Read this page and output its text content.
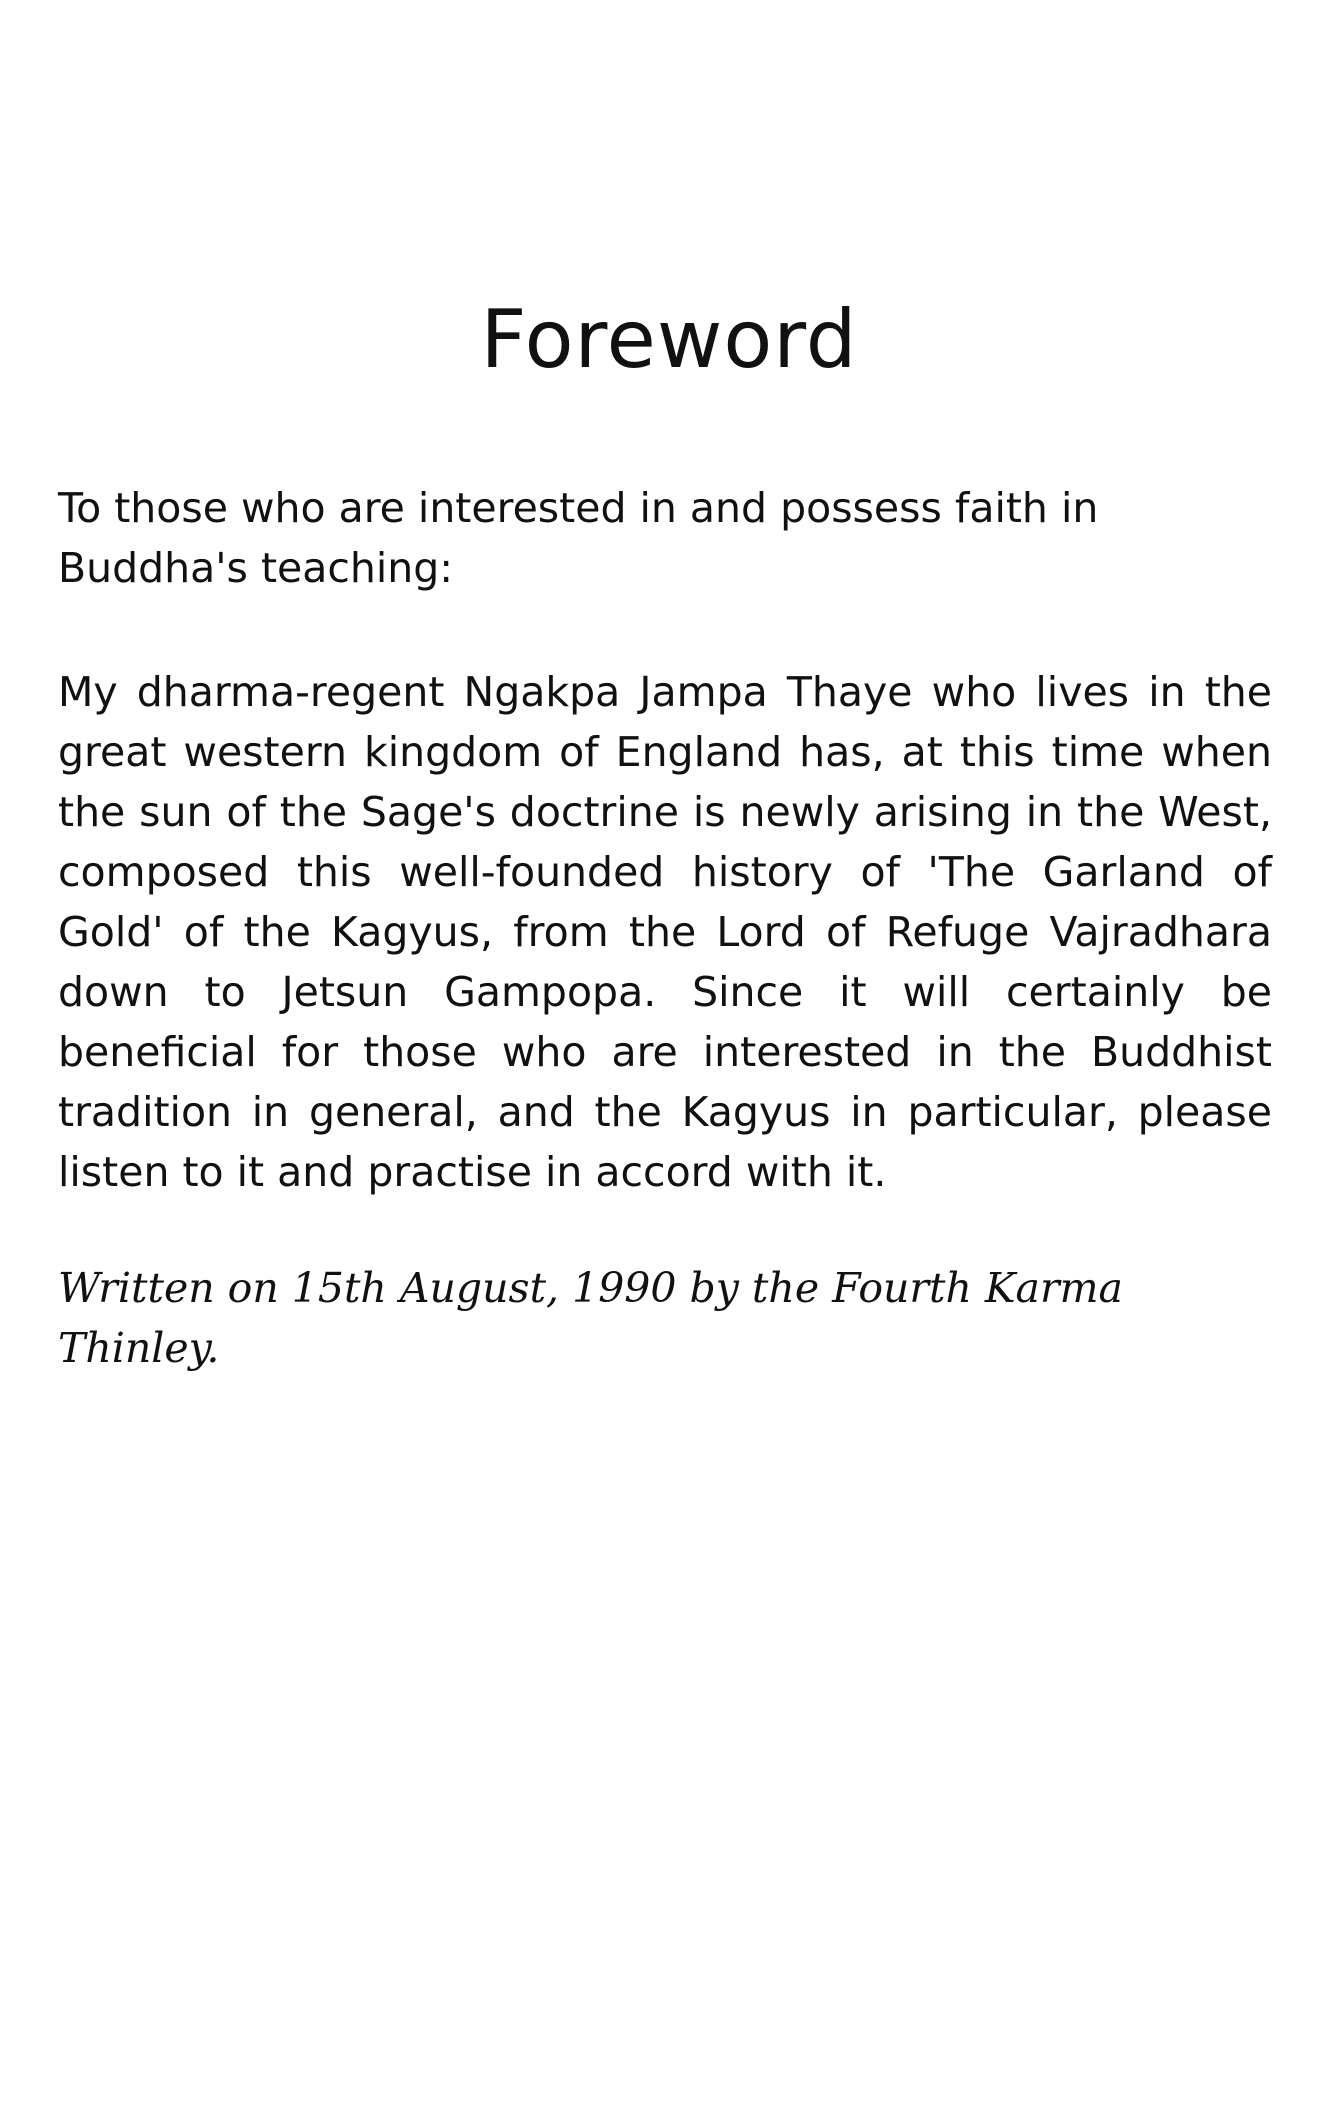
Foreword

To those who are interested in and possess faith in Buddha's teaching:

My dharma-regent Ngakpa Jampa Thaye who lives in the great western kingdom of England has, at this time when the sun of the Sage's doctrine is newly arising in the West, composed this well-founded history of 'The Garland of Gold' of the Kagyus, from the Lord of Refuge Vajradhara down to Jetsun Gampopa. Since it will certainly be beneficial for those who are interested in the Buddhist tradition in general, and the Kagyus in particular, please listen to it and practise in accord with it.

Written on 15th August, 1990 by the Fourth Karma Thinley.
